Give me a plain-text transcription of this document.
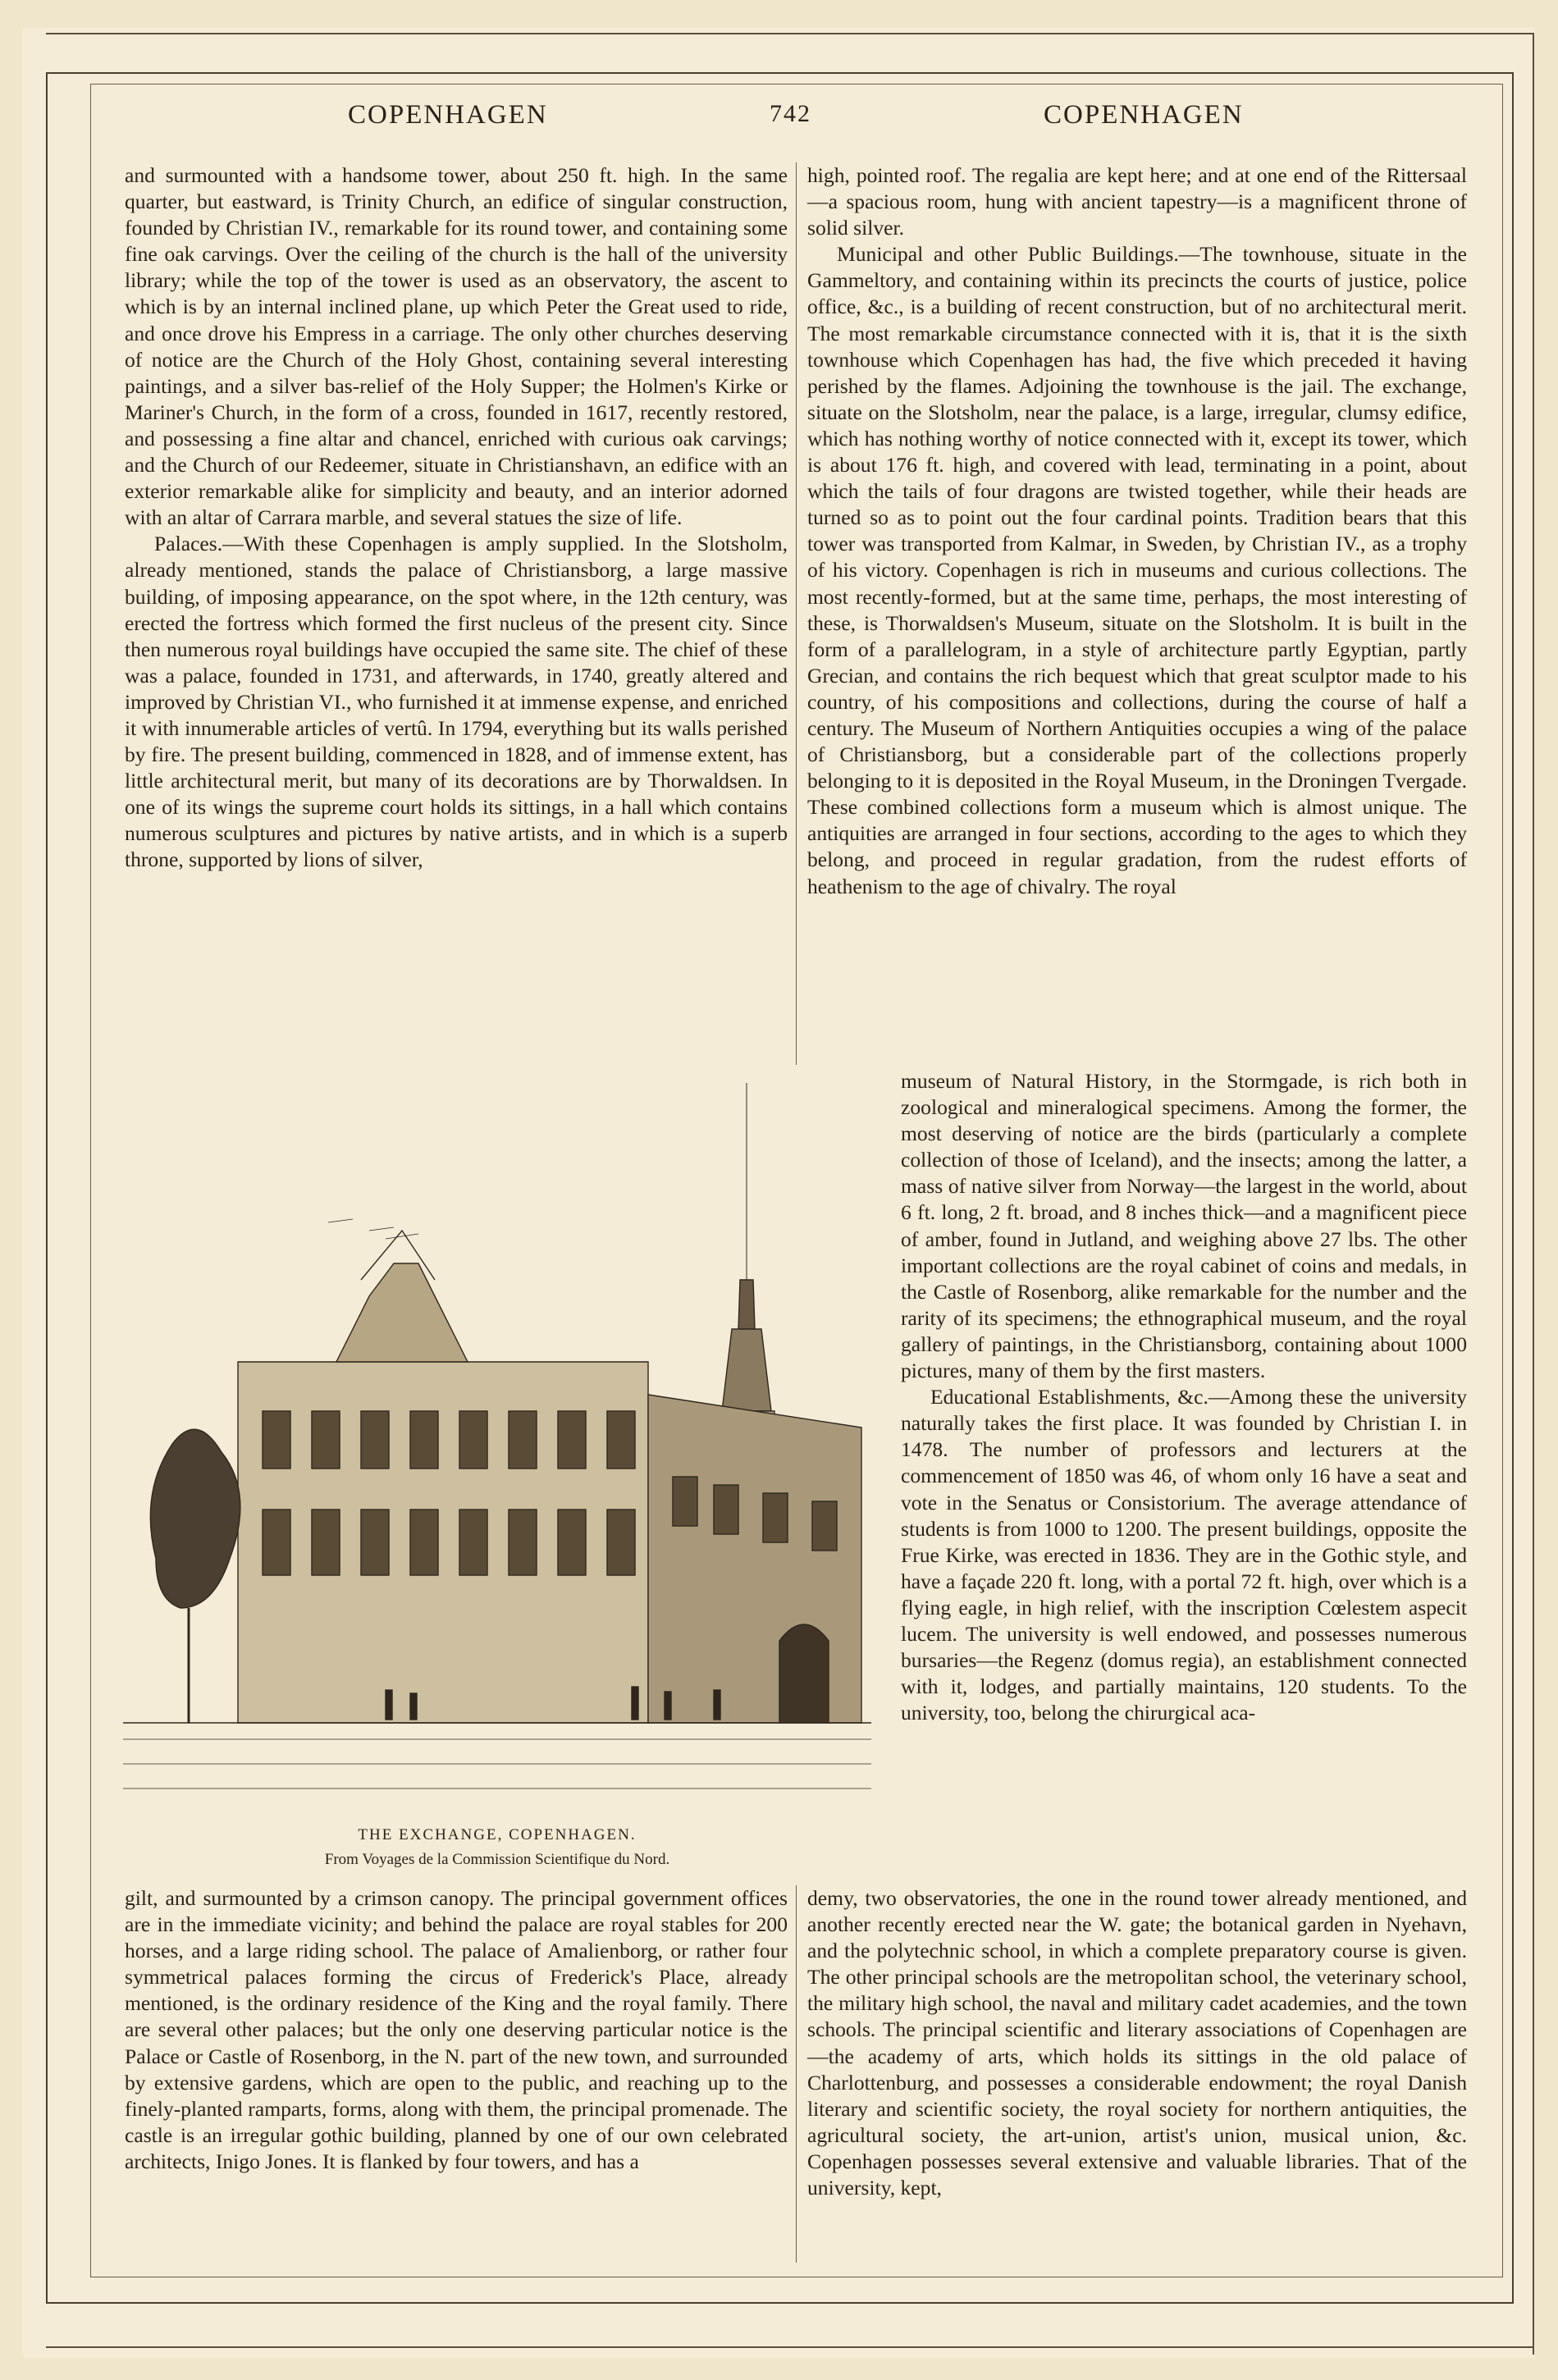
COPENHAGEN	742	COPENHAGEN

and surmounted with a handsome tower, about 250 ft. high. In the same quarter, but eastward, is Trinity Church, an edifice of singular construction, founded by Christian IV., remarkable for its round tower, and containing some fine oak carvings. Over the ceiling of the church is the hall of the university library; while the top of the tower is used as an observatory, the ascent to which is by an internal inclined plane, up which Peter the Great used to ride, and once drove his Empress in a carriage. The only other churches deserving of notice are the Church of the Holy Ghost, containing several interesting paintings, and a silver bas-relief of the Holy Supper; the Holmen's Kirke or Mariner's Church, in the form of a cross, founded in 1617, recently restored, and possessing a fine altar and chancel, enriched with curious oak carvings; and the Church of our Redeemer, situate in Christianshavn, an edifice with an exterior remarkable alike for simplicity and beauty, and an interior adorned with an altar of Carrara marble, and several statues the size of life.

Palaces.—With these Copenhagen is amply supplied. In the Slotsholm, already mentioned, stands the palace of Christiansborg, a large massive building, of imposing appearance, on the spot where, in the 12th century, was erected the fortress which formed the first nucleus of the present city. Since then numerous royal buildings have occupied the same site. The chief of these was a palace, founded in 1731, and afterwards, in 1740, greatly altered and improved by Christian VI., who furnished it at immense expense, and enriched it with innumerable articles of vertû. In 1794, everything but its walls perished by fire. The present building, commenced in 1828, and of immense extent, has little architectural merit, but many of its decorations are by Thorwaldsen. In one of its wings the supreme court holds its sittings, in a hall which contains numerous sculptures and pictures by native artists, and in which is a superb throne, supported by lions of silver,

high, pointed roof. The regalia are kept here; and at one end of the Rittersaal—a spacious room, hung with ancient tapestry—is a magnificent throne of solid silver.

Municipal and other Public Buildings.—The townhouse, situate in the Gammeltory, and containing within its precincts the courts of justice, police office, &c., is a building of recent construction, but of no architectural merit. The most remarkable circumstance connected with it is, that it is the sixth townhouse which Copenhagen has had, the five which preceded it having perished by the flames. Adjoining the townhouse is the jail. The exchange, situate on the Slotsholm, near the palace, is a large, irregular, clumsy edifice, which has nothing worthy of notice connected with it, except its tower, which is about 176 ft. high, and covered with lead, terminating in a point, about which the tails of four dragons are twisted together, while their heads are turned so as to point out the four cardinal points. Tradition bears that this tower was transported from Kalmar, in Sweden, by Christian IV., as a trophy of his victory. Copenhagen is rich in museums and curious collections. The most recently-formed, but at the same time, perhaps, the most interesting of these, is Thorwaldsen's Museum, situate on the Slotsholm. It is built in the form of a parallelogram, in a style of architecture partly Egyptian, partly Grecian, and contains the rich bequest which that great sculptor made to his country, of his compositions and collections, during the course of half a century. The Museum of Northern Antiquities occupies a wing of the palace of Christiansborg, but a considerable part of the collections properly belonging to it is deposited in the Royal Museum, in the Droningen Tvergade. These combined collections form a museum which is almost unique. The antiquities are arranged in four sections, according to the ages to which they belong, and proceed in regular gradation, from the rudest efforts of heathenism to the age of chivalry. The royal

museum of Natural History, in the Stormgade, is rich both in zoological and mineralogical specimens. Among the former, the most deserving of notice are the birds (particularly a complete collection of those of Iceland), and the insects; among the latter, a mass of native silver from Norway—the largest in the world, about 6 ft. long, 2 ft. broad, and 8 inches thick—and a magnificent piece of amber, found in Jutland, and weighing above 27 lbs. The other important collections are the royal cabinet of coins and medals, in the Castle of Rosenborg, alike remarkable for the number and the rarity of its specimens; the ethnographical museum, and the royal gallery of paintings, in the Christiansborg, containing about 1000 pictures, many of them by the first masters.

Educational Establishments, &c.—Among these the university naturally takes the first place. It was founded by Christian I. in 1478. The number of professors and lecturers at the commencement of 1850 was 46, of whom only 16 have a seat and vote in the Senatus or Consistorium. The average attendance of students is from 1000 to 1200. The present buildings, opposite the Frue Kirke, was erected in 1836. They are in the Gothic style, and have a façade 220 ft. long, with a portal 72 ft. high, over which is a flying eagle, in high relief, with the inscription Cœlestem aspecit lucem. The university is well endowed, and possesses numerous bursaries—the Regenz (domus regia), an establishment connected with it, lodges, and partially maintains, 120 students. To the university, too, belong the chirurgical aca-

THE EXCHANGE, COPENHAGEN.
From Voyages de la Commission Scientifique du Nord.

gilt, and surmounted by a crimson canopy. The principal government offices are in the immediate vicinity; and behind the palace are royal stables for 200 horses, and a large riding school. The palace of Amalienborg, or rather four symmetrical palaces forming the circus of Frederick's Place, already mentioned, is the ordinary residence of the King and the royal family. There are several other palaces; but the only one deserving particular notice is the Palace or Castle of Rosenborg, in the N. part of the new town, and surrounded by extensive gardens, which are open to the public, and reaching up to the finely-planted ramparts, forms, along with them, the principal promenade. The castle is an irregular gothic building, planned by one of our own celebrated architects, Inigo Jones. It is flanked by four towers, and has a

demy, two observatories, the one in the round tower already mentioned, and another recently erected near the W. gate; the botanical garden in Nyehavn, and the polytechnic school, in which a complete preparatory course is given. The other principal schools are the metropolitan school, the veterinary school, the military high school, the naval and military cadet academies, and the town schools. The principal scientific and literary associations of Copenhagen are—the academy of arts, which holds its sittings in the old palace of Charlottenburg, and possesses a considerable endowment; the royal Danish literary and scientific society, the royal society for northern antiquities, the agricultural society, the art-union, artist's union, musical union, &c. Copenhagen possesses several extensive and valuable libraries. That of the university, kept,
